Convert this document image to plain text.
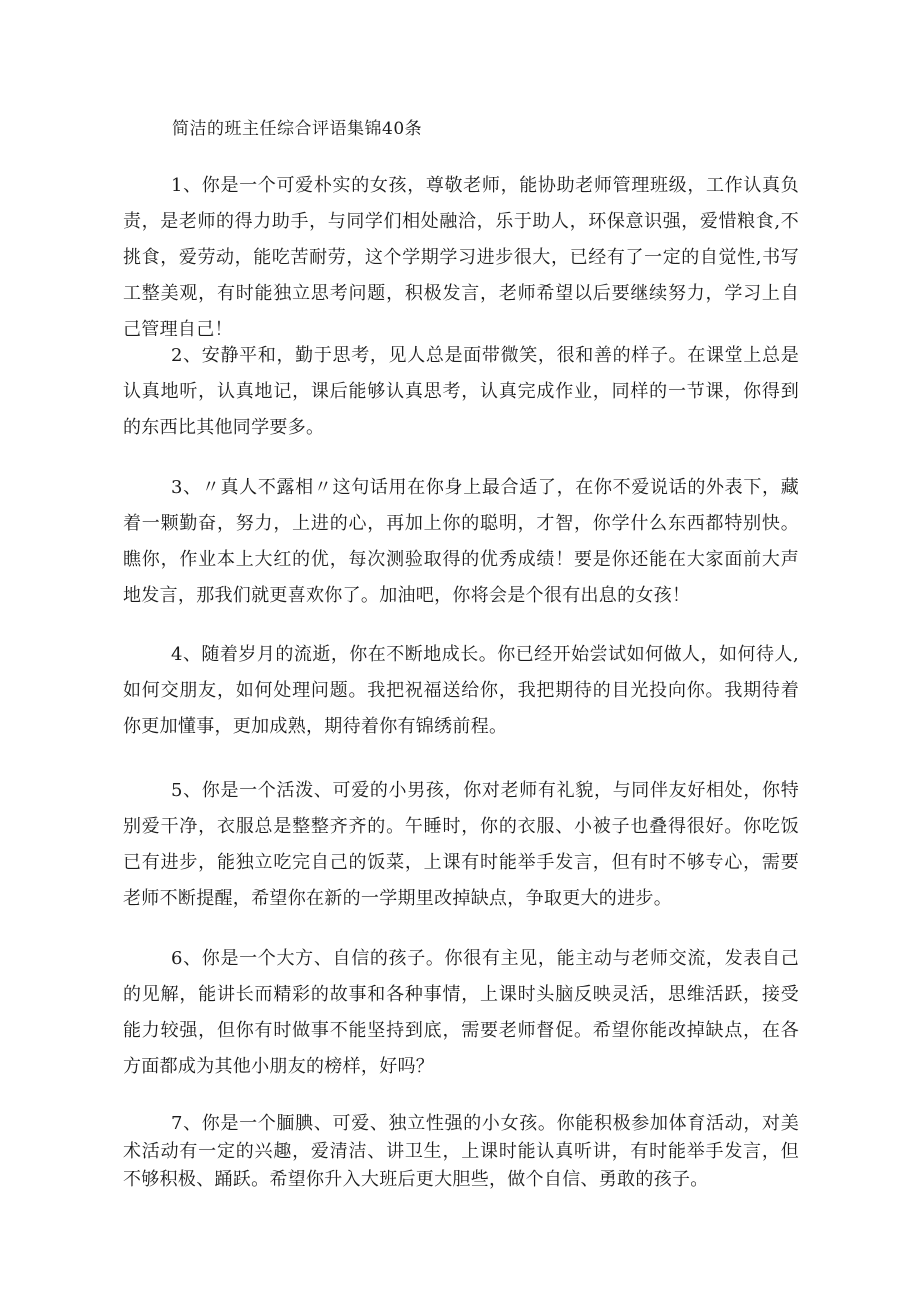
简洁的班主任综合评语集锦40条

1、你是一个可爱朴实的女孩，尊敬老师，能协助老师管理班级，工作认真负责，是老师的得力助手，与同学们相处融洽，乐于助人，环保意识强，爱惜粮食,不挑食，爱劳动，能吃苦耐劳，这个学期学习进步很大，已经有了一定的自觉性,书写工整美观，有时能独立思考问题，积极发言，老师希望以后要继续努力，学习上自己管理自己！

2、安静平和，勤于思考，见人总是面带微笑，很和善的样子。在课堂上总是认真地听，认真地记，课后能够认真思考，认真完成作业，同样的一节课，你得到的东西比其他同学要多。

3、〃真人不露相〃这句话用在你身上最合适了，在你不爱说话的外表下，藏着一颗勤奋，努力，上进的心，再加上你的聪明，才智，你学什么东西都特别快。瞧你，作业本上大红的优，每次测验取得的优秀成绩！要是你还能在大家面前大声地发言，那我们就更喜欢你了。加油吧，你将会是个很有出息的女孩！

4、随着岁月的流逝，你在不断地成长。你已经开始尝试如何做人，如何待人,如何交朋友，如何处理问题。我把祝福送给你，我把期待的目光投向你。我期待着你更加懂事，更加成熟，期待着你有锦绣前程。

5、你是一个活泼、可爱的小男孩，你对老师有礼貌，与同伴友好相处，你特别爱干净，衣服总是整整齐齐的。午睡时，你的衣服、小被子也叠得很好。你吃饭已有进步，能独立吃完自己的饭菜，上课有时能举手发言，但有时不够专心，需要老师不断提醒，希望你在新的一学期里改掉缺点，争取更大的进步。

6、你是一个大方、自信的孩子。你很有主见，能主动与老师交流，发表自己的见解，能讲长而精彩的故事和各种事情，上课时头脑反映灵活，思维活跃，接受能力较强，但你有时做事不能坚持到底，需要老师督促。希望你能改掉缺点，在各方面都成为其他小朋友的榜样，好吗？

7、你是一个腼腆、可爱、独立性强的小女孩。你能积极参加体育活动，对美术活动有一定的兴趣，爱清洁、讲卫生，上课时能认真听讲，有时能举手发言，但不够积极、踊跃。希望你升入大班后更大胆些，做个自信、勇敢的孩子。
